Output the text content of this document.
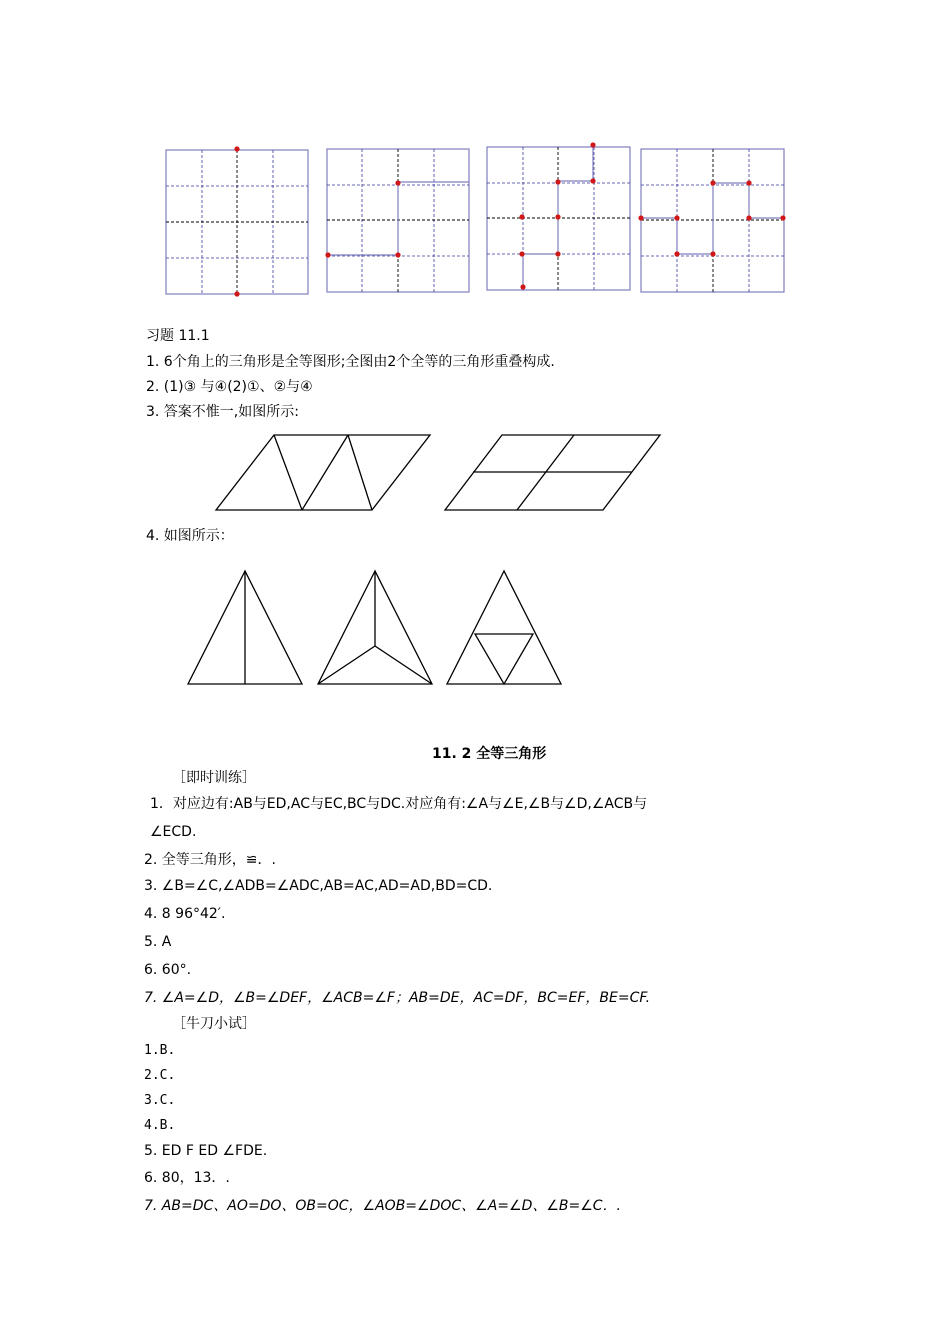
习题 11.1
1. 6个角上的三角形是全等图形;全图由2个全等的三角形重叠构成.
2. (1)③ 与④(2)①、②与④
3. 答案不惟一,如图所示:
4. 如图所示：
11. 2 全等三角形
［即时训练］
1．对应边有:AB与ED,AC与EC,BC与DC.对应角有:∠A与∠E,∠B与∠D,∠ACB与
∠ECD.
2. 全等三角形，≌．.
3. ∠B=∠C,∠ADB=∠ADC,AB=AC,AD=AD,BD=CD.
4. 8 96°42′.
5. A
6. 60°.
7. ∠A=∠D，∠B=∠DEF，∠ACB=∠F；AB=DE，AC=DF，BC=EF，BE=CF.
［牛刀小试］
1.B.
2.C.
3.C.
4.B.
5. ED F ED ∠FDE.
6. 80，13．.
7. AB=DC、AO=DO、OB=OC，∠AOB=∠DOC、∠A=∠D、∠B=∠C．.
